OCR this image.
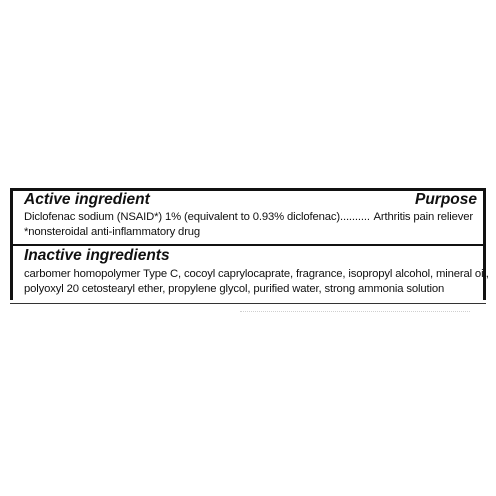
Active ingredient	Purpose
Diclofenac sodium (NSAID*) 1% (equivalent to 0.93% diclofenac) .......... Arthritis pain reliever
*nonsteroidal anti-inflammatory drug
Inactive ingredients
carbomer homopolymer Type C, cocoyl caprylocaprate, fragrance, isopropyl alcohol, mineral oil,
polyoxyl 20 cetostearyl ether, propylene glycol, purified water, strong ammonia solution
